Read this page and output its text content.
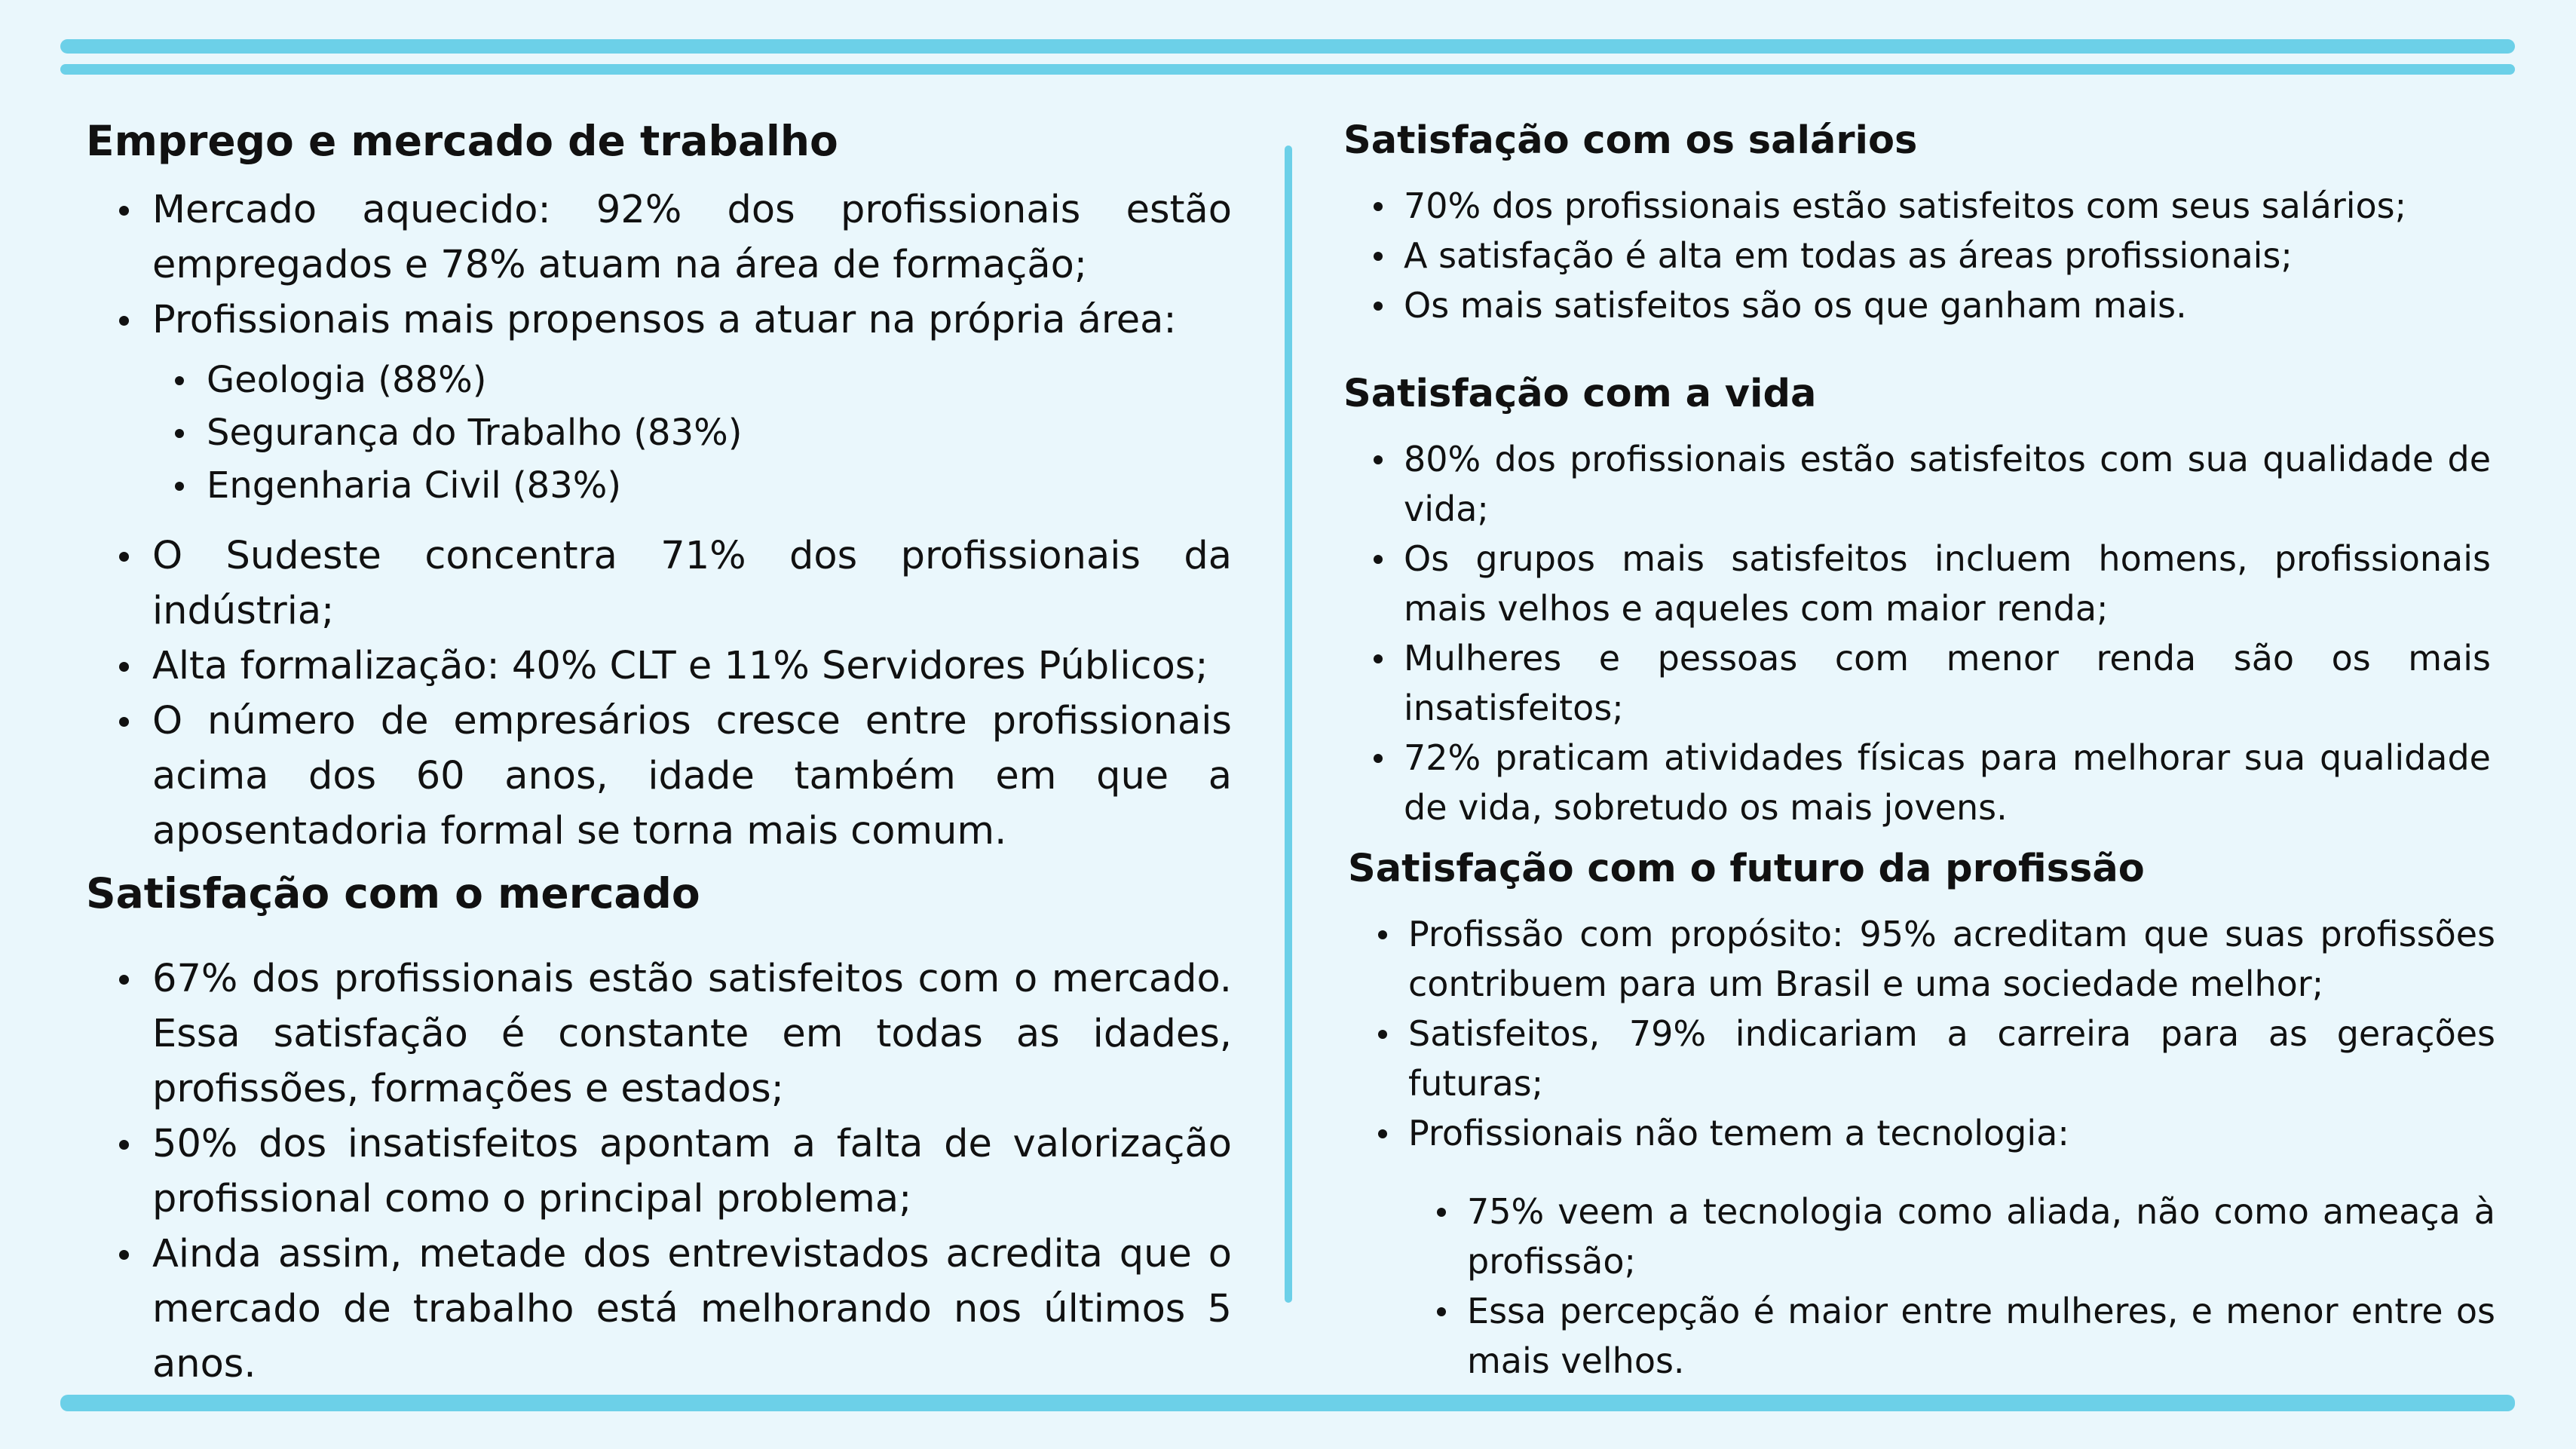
Emprego e mercado de trabalho
Mercado aquecido: 92% dos profissionais estão empregados e 78% atuam na área de formação;
Profissionais mais propensos a atuar na própria área:
Geologia (88%)
Segurança do Trabalho (83%)
Engenharia Civil (83%)
O Sudeste concentra 71% dos profissionais da indústria;
Alta formalização: 40% CLT e 11% Servidores Públicos;
O número de empresários cresce entre profissionais acima dos 60 anos, idade também em que a aposentadoria formal se torna mais comum.
Satisfação com o mercado
67% dos profissionais estão satisfeitos com o mercado. Essa satisfação é constante em todas as idades, profissões, formações e estados;
50% dos insatisfeitos apontam a falta de valorização profissional como o principal problema;
Ainda assim, metade dos entrevistados acredita que o mercado de trabalho está melhorando nos últimos 5 anos.
Satisfação com os salários
70% dos profissionais estão satisfeitos com seus salários;
A satisfação é alta em todas as áreas profissionais;
Os mais satisfeitos são os que ganham mais.
Satisfação com a vida
80% dos profissionais estão satisfeitos com sua qualidade de vida;
Os grupos mais satisfeitos incluem homens, profissionais mais velhos e aqueles com maior renda;
Mulheres e pessoas com menor renda são os mais insatisfeitos;
72% praticam atividades físicas para melhorar sua qualidade de vida, sobretudo os mais jovens.
Satisfação com o futuro da profissão
Profissão com propósito: 95% acreditam que suas profissões contribuem para um Brasil e uma sociedade melhor;
Satisfeitos, 79% indicariam a carreira para as gerações futuras;
Profissionais não temem a tecnologia:
75% veem a tecnologia como aliada, não como ameaça à profissão;
Essa percepção é maior entre mulheres, e menor entre os mais velhos.
